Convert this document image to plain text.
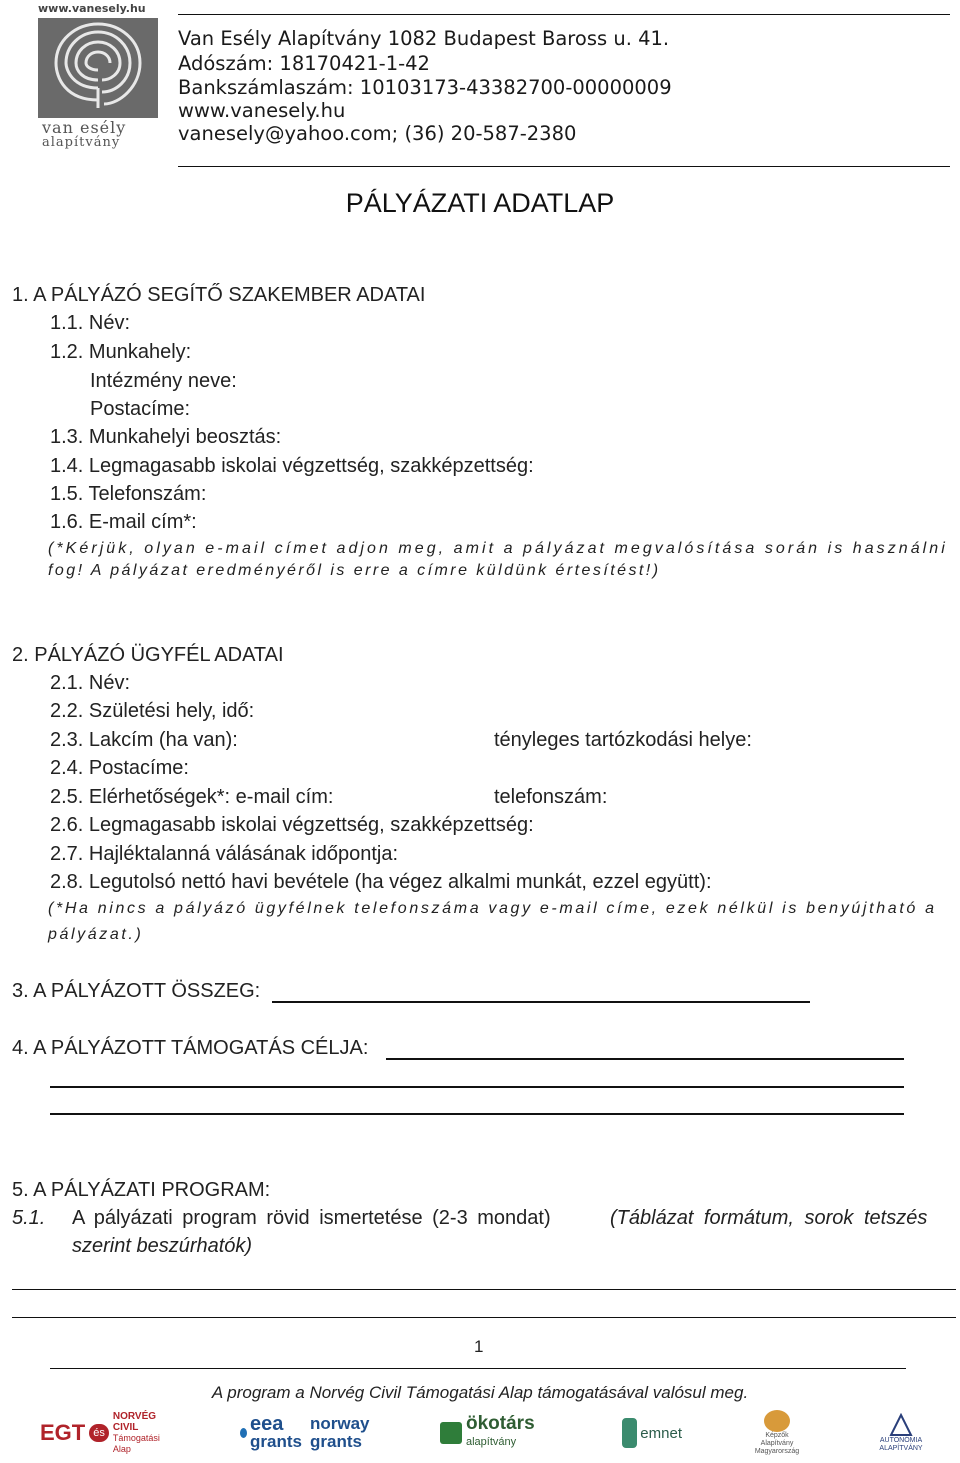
www.vanesely.hu
van esély
alapítvány
Van Esély Alapítvány 1082 Budapest Baross u. 41.
Adószám: 18170421-1-42
Bankszámlaszám: 10103173-43382700-00000009
www.vanesely.hu
vanesely@yahoo.com; (36) 20-587-2380
PÁLYÁZATI ADATLAP
1. A PÁLYÁZÓ SEGÍTŐ SZAKEMBER ADATAI
1.1. Név:
1.2. Munkahely:
Intézmény neve:
Postacíme:
1.3. Munkahelyi beosztás:
1.4. Legmagasabb iskolai végzettség, szakképzettség:
1.5. Telefonszám:
1.6. E-mail cím*:
(*Kérjük, olyan e-mail címet adjon meg, amit a pályázat megvalósítása során is használni
fog! A pályázat eredményéről is erre a címre küldünk értesítést!)
2. PÁLYÁZÓ ÜGYFÉL ADATAI
2.1. Név:
2.2. Születési hely, idő:
2.3. Lakcím (ha van):	tényleges tartózkodási helye:
2.4. Postacíme:
2.5. Elérhetőségek*: e-mail cím:	telefonszám:
2.6. Legmagasabb iskolai végzettség, szakképzettség:
2.7. Hajléktalanná válásának időpontja:
2.8. Legutolsó nettó havi bevétele (ha végez alkalmi munkát, ezzel együtt):
(*Ha nincs a pályázó ügyfélnek telefonszáma vagy e-mail címe, ezek nélkül is benyújtható a
pályázat.)
3. A PÁLYÁZOTT ÖSSZEG:
4. A PÁLYÁZOTT TÁMOGATÁS CÉLJA:
5. A PÁLYÁZATI PROGRAM:
5.1. A pályázati program rövid ismertetése (2-3 mondat)	(Táblázat formátum, sorok tetszés
szerint beszúrhatók)
1
A program a Norvég Civil Támogatási Alap támogatásával valósul meg.
EGT és
NORVÉG CIVIL
Támogatási Alap
eea
grants
norway
grants
ökotárs
alapítvány
emnet	Képzők
Alapítvány
Magyarország
AUTONÓMIA
ALAPÍTVÁNY
